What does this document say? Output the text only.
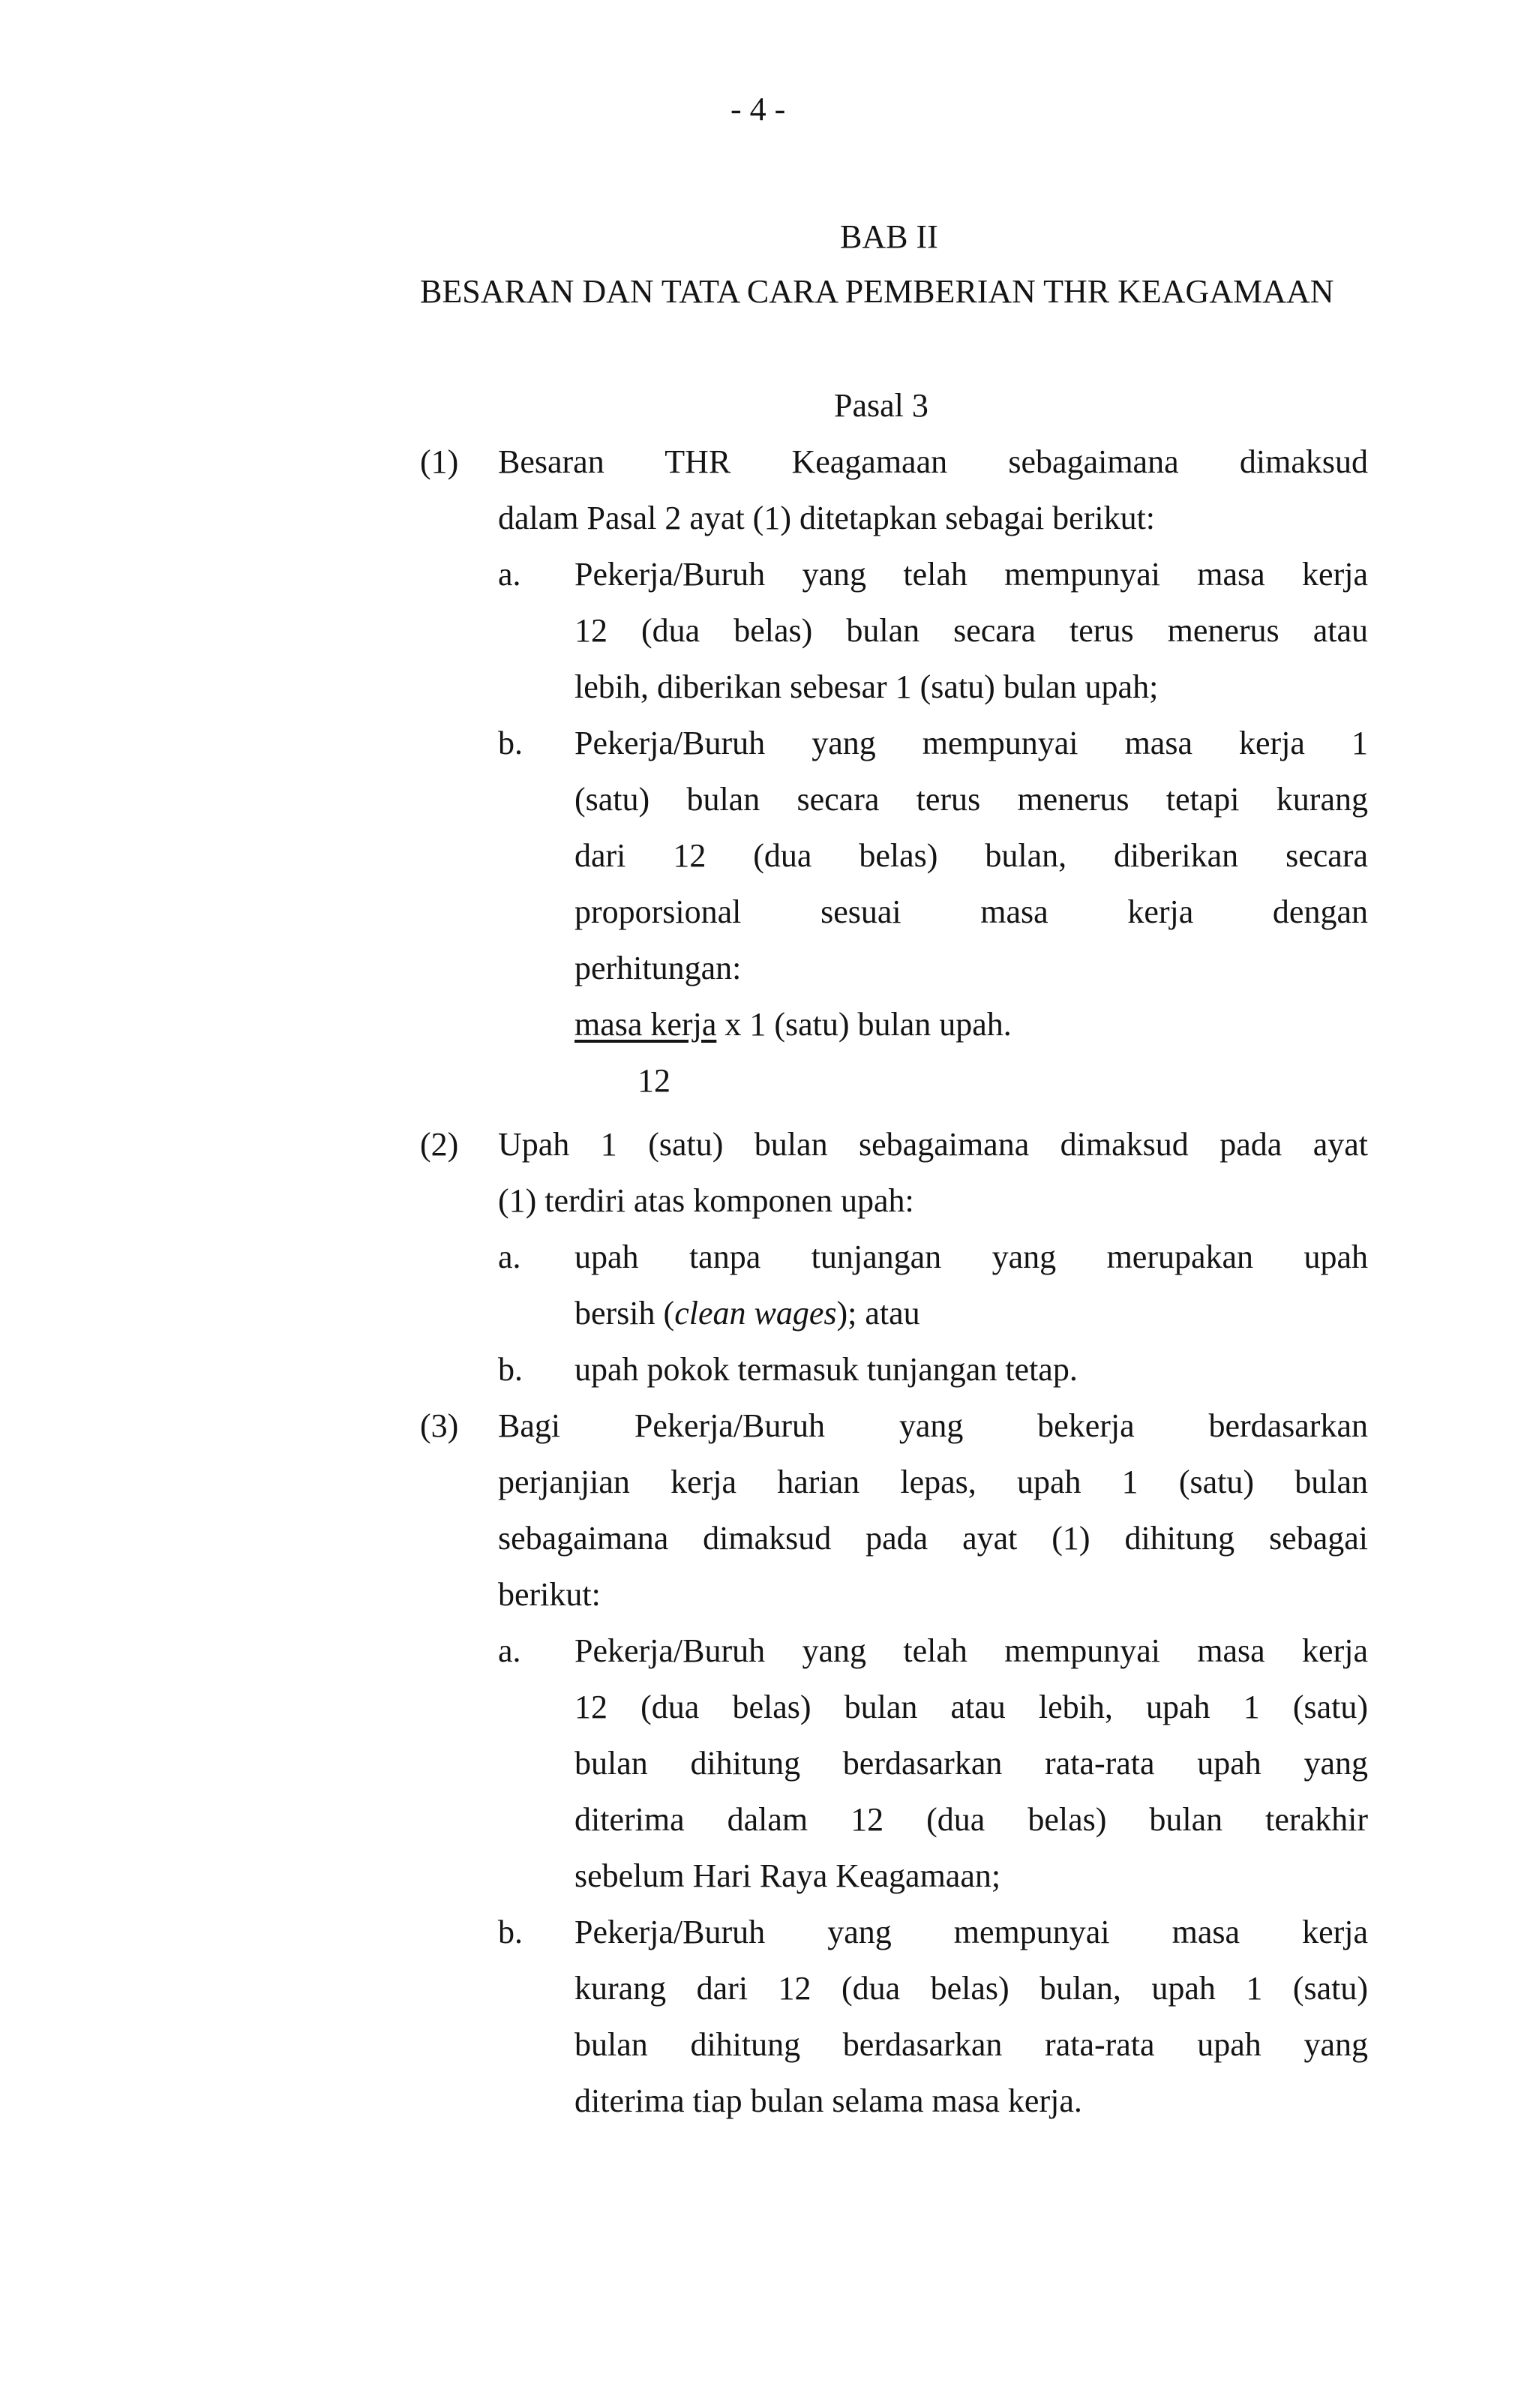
- 4 -
BAB II
BESARAN DAN TATA CARA PEMBERIAN THR KEAGAMAAN
Pasal 3
(1) Besaran THR Keagamaan sebagaimana dimaksud
dalam Pasal 2 ayat (1) ditetapkan sebagai berikut:
a. Pekerja/Buruh yang telah mempunyai masa kerja
12 (dua belas) bulan secara terus menerus atau
lebih, diberikan sebesar 1 (satu) bulan upah;
b. Pekerja/Buruh yang mempunyai masa kerja 1
(satu) bulan secara terus menerus tetapi kurang
dari 12 (dua belas) bulan, diberikan secara
proporsional sesuai masa kerja dengan
perhitungan:
masa kerja x 1 (satu) bulan upah.
12
(2) Upah 1 (satu) bulan sebagaimana dimaksud pada ayat
(1) terdiri atas komponen upah:
a. upah tanpa tunjangan yang merupakan upah
bersih (clean wages); atau
b. upah pokok termasuk tunjangan tetap.
(3) Bagi Pekerja/Buruh yang bekerja berdasarkan
perjanjian kerja harian lepas, upah 1 (satu) bulan
sebagaimana dimaksud pada ayat (1) dihitung sebagai
berikut:
a. Pekerja/Buruh yang telah mempunyai masa kerja
12 (dua belas) bulan atau lebih, upah 1 (satu)
bulan dihitung berdasarkan rata-rata upah yang
diterima dalam 12 (dua belas) bulan terakhir
sebelum Hari Raya Keagamaan;
b. Pekerja/Buruh yang mempunyai masa kerja
kurang dari 12 (dua belas) bulan, upah 1 (satu)
bulan dihitung berdasarkan rata-rata upah yang
diterima tiap bulan selama masa kerja.
